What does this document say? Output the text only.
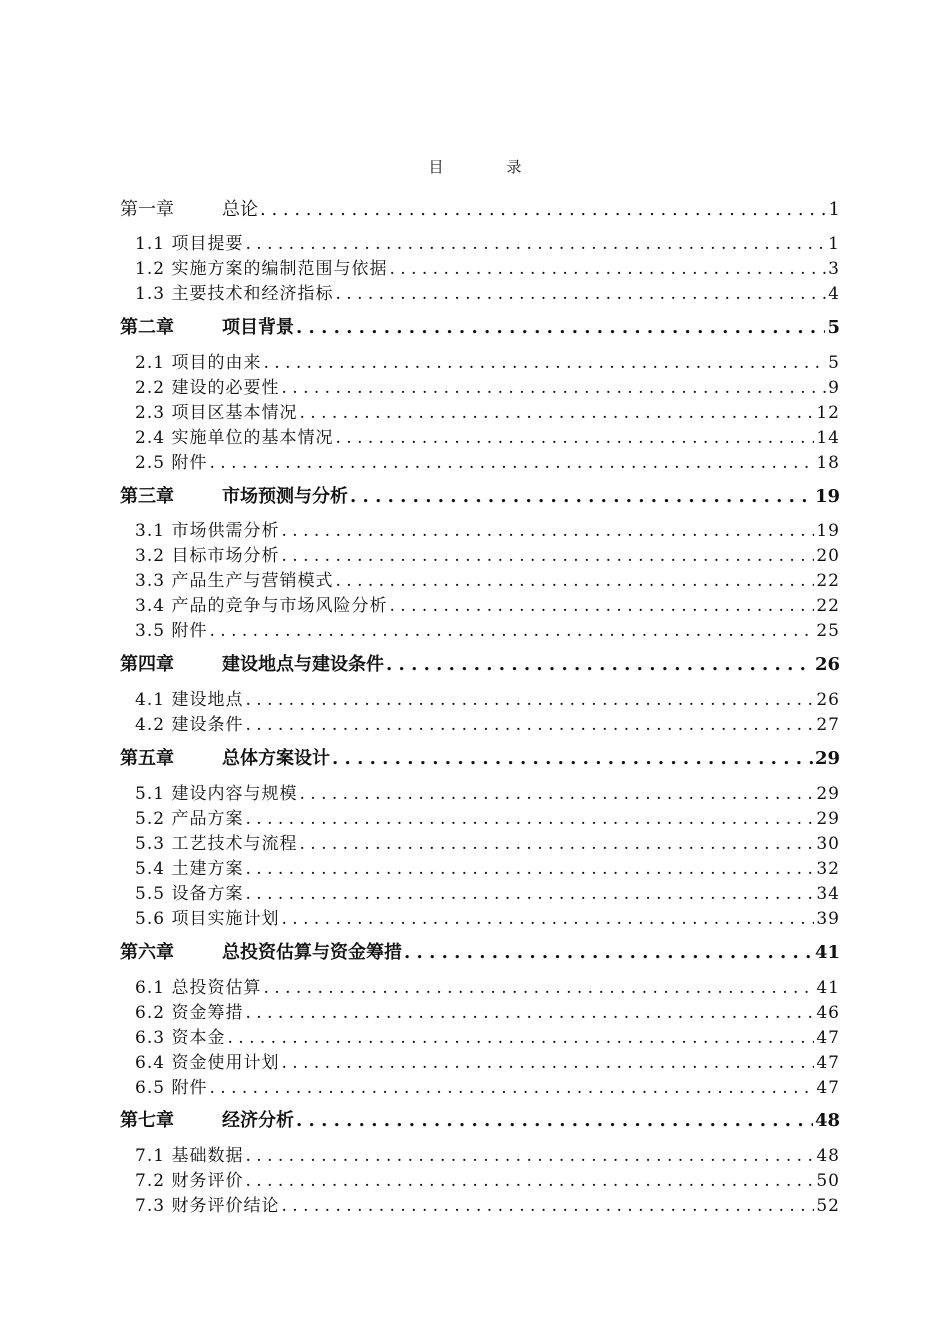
目　录
第一章	总论 . . .	1
1.1 项目提要 . . .	1
1.2 实施方案的编制范围与依据 . . .	3
1.3 主要技术和经济指标 . . .	4
第二章	项目背景 . . .	5
2.1 项目的由来 . . .	5
2.2 建设的必要性 . . .	9
2.3 项目区基本情况 . . .	12
2.4 实施单位的基本情况 . . .	14
2.5 附件 . . .	18
第三章	市场预测与分析 . . .	19
3.1 市场供需分析 . . .	19
3.2 目标市场分析 . . .	20
3.3 产品生产与营销模式 . . .	22
3.4 产品的竞争与市场风险分析 . . .	22
3.5 附件 . . .	25
第四章	建设地点与建设条件 . . .	26
4.1 建设地点 . . .	26
4.2 建设条件 . . .	27
第五章	总体方案设计 . . .	29
5.1 建设内容与规模 . . .	29
5.2 产品方案 . . .	29
5.3 工艺技术与流程 . . .	30
5.4 土建方案 . . .	32
5.5 设备方案 . . .	34
5.6 项目实施计划 . . .	39
第六章	总投资估算与资金筹措 . . .	41
6.1 总投资估算 . . .	41
6.2 资金筹措 . . .	46
6.3 资本金 . . .	47
6.4 资金使用计划 . . .	47
6.5 附件 . . .	47
第七章	经济分析 . . .	48
7.1 基础数据 . . .	48
7.2 财务评价 . . .	50
7.3 财务评价结论 . . .	52
